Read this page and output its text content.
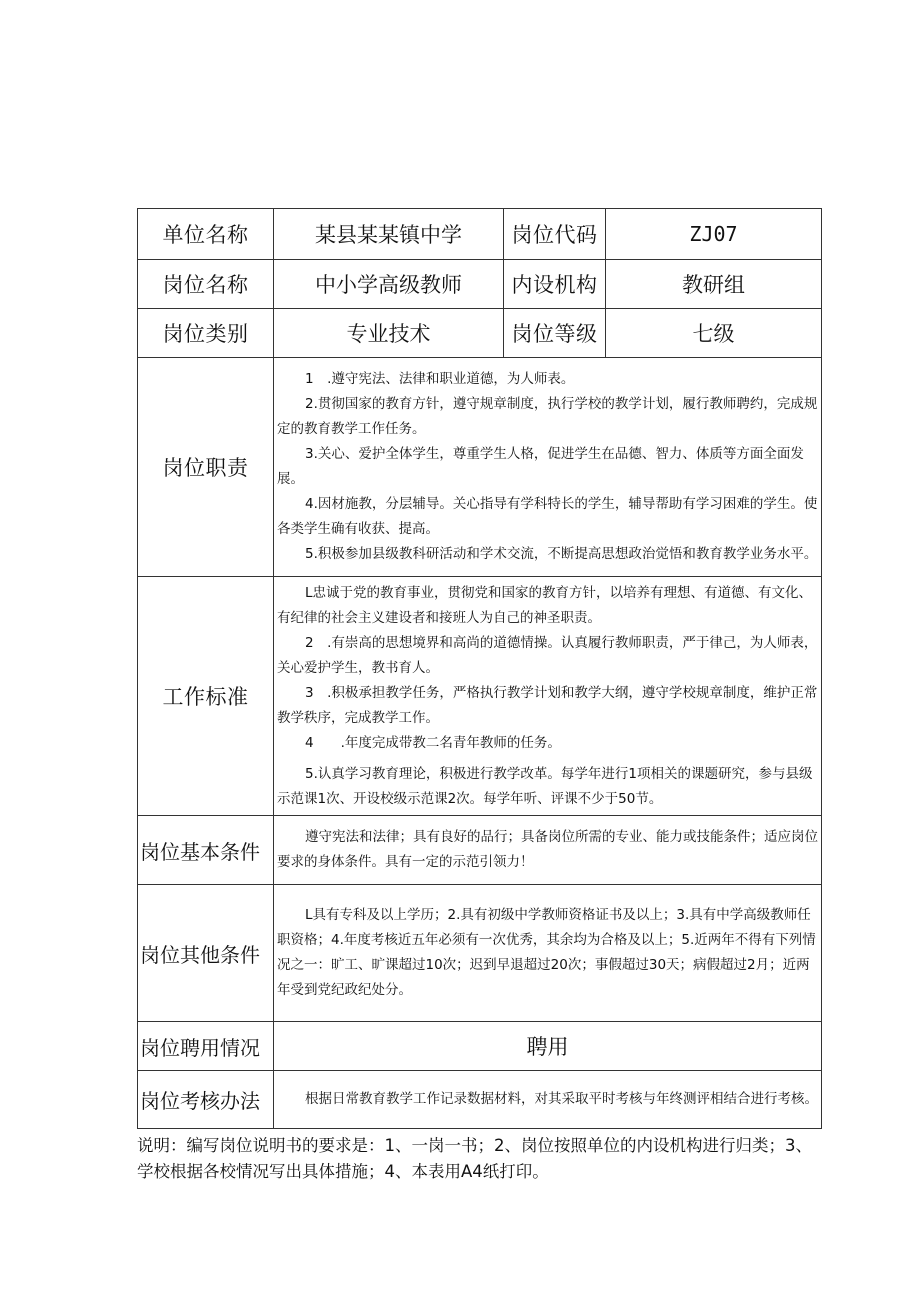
单位名称	某县某某镇中学	岗位代码	ZJ07
岗位名称	中小学高级教师	内设机构	教研组
岗位类别	专业技术	岗位等级	七级
岗位职责	1　.遵守宪法、法律和职业道德，为人师表。

2.贯彻国家的教育方针，遵守规章制度，执行学校的教学计划，履行教师聘约，完成规定的教育教学工作任务。

3.关心、爱护全体学生，尊重学生人格，促进学生在品德、智力、体质等方面全面发展。

4.因材施教，分层辅导。关心指导有学科特长的学生，辅导帮助有学习困难的学生。使各类学生确有收获、提高。

5.积极参加县级教科研活动和学术交流，不断提高思想政治觉悟和教育教学业务水平。		

工作标准	L忠诚于党的教育事业，贯彻党和国家的教育方针，以培养有理想、有道德、有文化、有纪律的社会主义建设者和接班人为自己的神圣职责。

2　.有崇高的思想境界和高尚的道德情操。认真履行教师职责，严于律己，为人师表，关心爱护学生，教书育人。

3　.积极承担教学任务，严格执行教学计划和教学大纲，遵守学校规章制度，维护正常教学秩序，完成教学工作。

4　　.年度完成带教二名青年教师的任务。

5.认真学习教育理论，积极进行教学改革。每学年进行1项相关的课题研究，参与县级示范课1次、开设校级示范课2次。每学年听、评课不少于50节。		

岗位基本条件	遵守宪法和法律；具有良好的品行；具备岗位所需的专业、能力或技能条件；适应岗位要求的身体条件。具有一定的示范引领力！		

岗位其他条件	L具有专科及以上学历；2.具有初级中学教师资格证书及以上；3.具有中学高级教师任职资格；4.年度考核近五年必须有一次优秀，其余均为合格及以上；5.近两年不得有下列情况之一：旷工、旷课超过10次；迟到早退超过20次；事假超过30天；病假超过2月；近两年受到党纪政纪处分。		

岗位聘用情况	聘用		
岗位考核办法	根据日常教育教学工作记录数据材料，对其采取平时考核与年终测评相结合进行考核。		

说明：编写岗位说明书的要求是：1、一岗一书；2、岗位按照单位的内设机构进行归类；3、学校根据各校情况写出具体措施；4、本表用A4纸打印。
